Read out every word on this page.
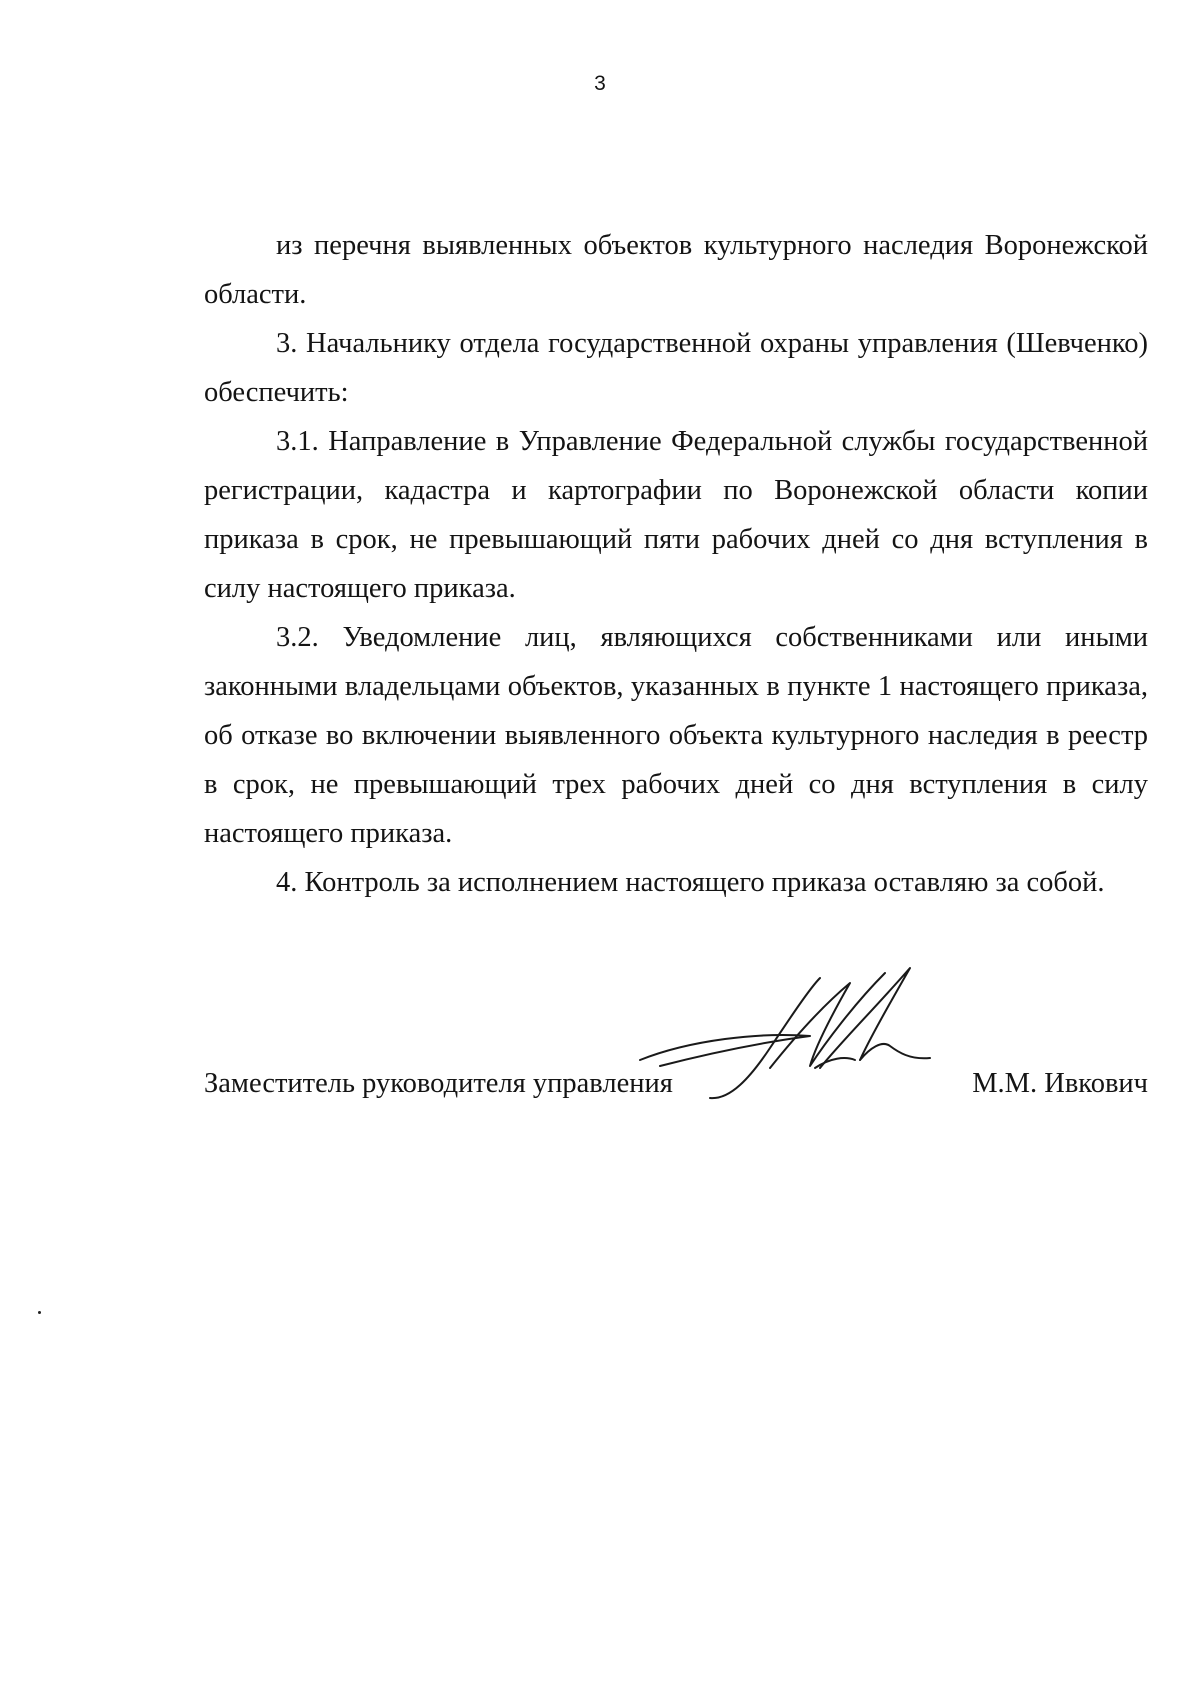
3

из перечня выявленных объектов культурного наследия Воронежской области.

3. Начальнику отдела государственной охраны управления (Шевченко) обеспечить:

3.1. Направление в Управление Федеральной службы государственной регистрации, кадастра и картографии по Воронежской области копии приказа в срок, не превышающий пяти рабочих дней со дня вступления в силу настоящего приказа.

3.2. Уведомление лиц, являющихся собственниками или иными законными владельцами объектов, указанных в пункте 1 настоящего приказа, об отказе во включении выявленного объекта культурного наследия в реестр в срок, не превышающий трех рабочих дней со дня вступления в силу настоящего приказа.

4. Контроль за исполнением настоящего приказа оставляю за собой.

Заместитель руководителя управления	М.М. Ивкович
